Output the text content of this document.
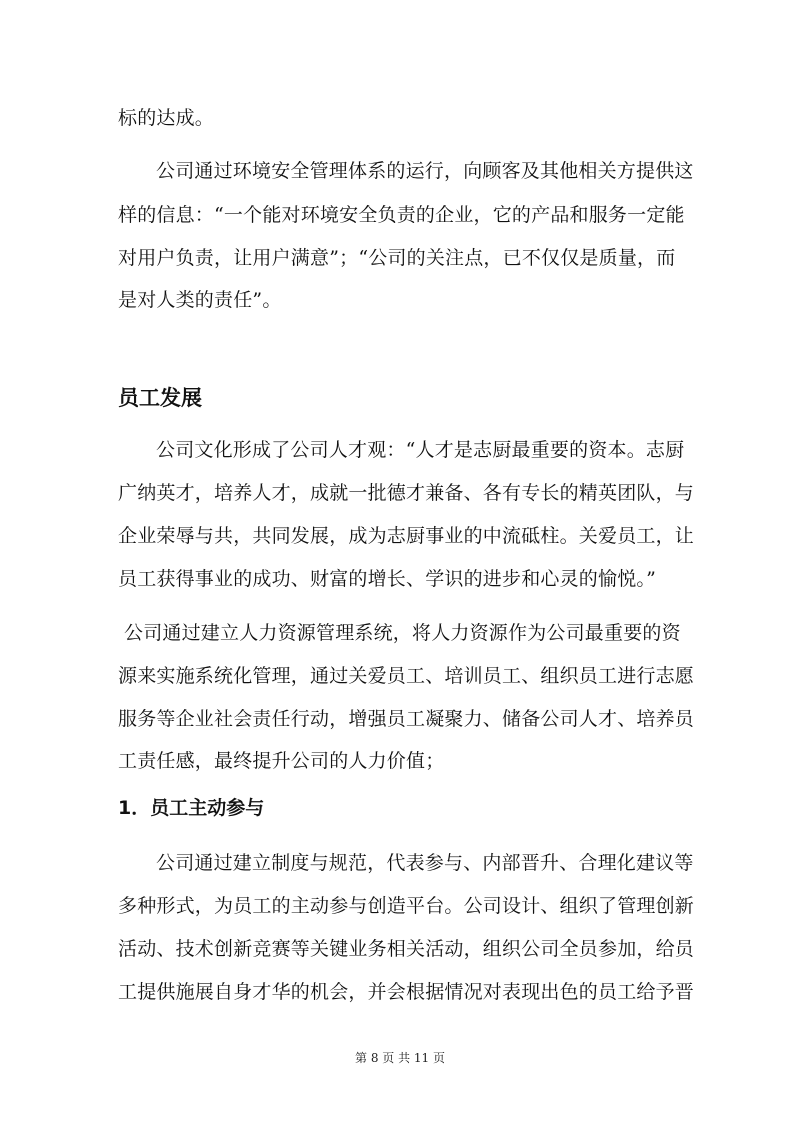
标的达成。
公司通过环境安全管理体系的运行，向顾客及其他相关方提供这
样的信息：“一个能对环境安全负责的企业，它的产品和服务一定能
对用户负责，让用户满意”；“公司的关注点，已不仅仅是质量，而
是对人类的责任”。
员工发展
公司文化形成了公司人才观：“人才是志厨最重要的资本。志厨
广纳英才，培养人才，成就一批德才兼备、各有专长的精英团队，与
企业荣辱与共，共同发展，成为志厨事业的中流砥柱。关爱员工，让
员工获得事业的成功、财富的增长、学识的进步和心灵的愉悦。”
公司通过建立人力资源管理系统，将人力资源作为公司最重要的资
源来实施系统化管理，通过关爱员工、培训员工、组织员工进行志愿
服务等企业社会责任行动，增强员工凝聚力、储备公司人才、培养员
工责任感，最终提升公司的人力价值；
1．员工主动参与
公司通过建立制度与规范，代表参与、内部晋升、合理化建议等
多种形式，为员工的主动参与创造平台。公司设计、组织了管理创新
活动、技术创新竞赛等关键业务相关活动，组织公司全员参加，给员
工提供施展自身才华的机会，并会根据情况对表现出色的员工给予晋
第 8 页 共 11 页
